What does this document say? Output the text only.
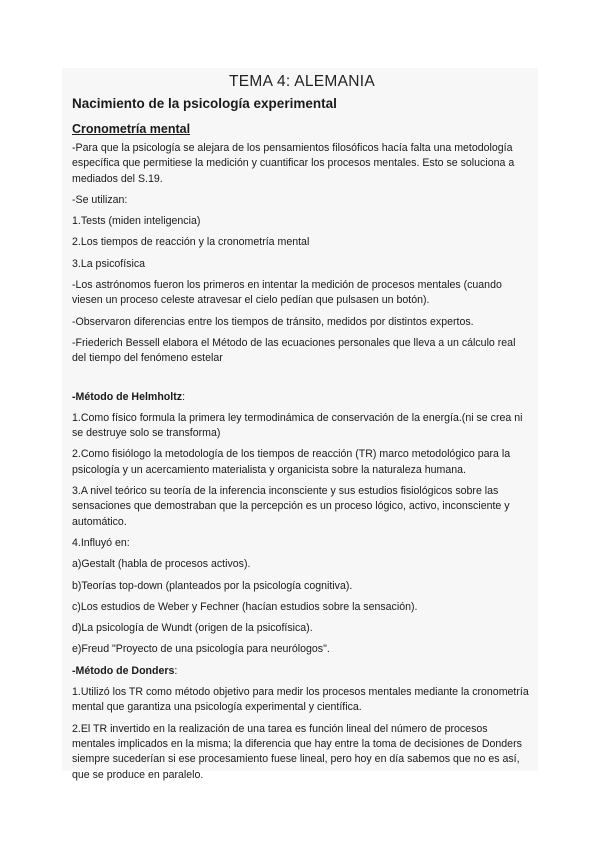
TEMA 4: ALEMANIA
Nacimiento de la psicología experimental
Cronometría mental

-Para que la psicología se alejara de los pensamientos filosóficos hacía falta una metodología específica que permitiese la medición y cuantificar los procesos mentales. Esto se soluciona a mediados del S.19.

-Se utilizan:

1.Tests (miden inteligencia)

2.Los tiempos de reacción y la cronometría mental

3.La psicofísica

-Los astrónomos fueron los primeros en intentar la medición de procesos mentales (cuando viesen un proceso celeste atravesar el cielo pedían que pulsasen un botón).

-Observaron diferencias entre los tiempos de tránsito, medidos por distintos expertos.

-Friederich Bessell elabora el Método de las ecuaciones personales que lleva a un cálculo real del tiempo del fenómeno estelar

-Método de Helmholtz:

1.Como físico formula la primera ley termodinámica de conservación de la energía.(ni se crea ni se destruye solo se transforma)

2.Como fisiólogo la metodología de los tiempos de reacción (TR) marco metodológico para la psicología y un acercamiento materialista y organicista sobre la naturaleza humana.

3.A nivel teórico su teoría de la inferencia inconsciente y sus estudios fisiológicos sobre las sensaciones que demostraban que la percepción es un proceso lógico, activo, inconsciente y automático.

4.Influyó en:

a)Gestalt (habla de procesos activos).

b)Teorías top-down (planteados por la psicología cognitiva).

c)Los estudios de Weber y Fechner (hacían estudios sobre la sensación).

d)La psicología de Wundt (origen de la psicofísica).

e)Freud "Proyecto de una psicología para neurólogos".

-Método de Donders:

1.Utilizó los TR como método objetivo para medir los procesos mentales mediante la cronometría mental que garantiza una psicología experimental y científica.

2.El TR invertido en la realización de una tarea es función lineal del número de procesos mentales implicados en la misma; la diferencia que hay entre la toma de decisiones de Donders siempre sucederían si ese procesamiento fuese lineal, pero hoy en día sabemos que no es así, que se produce en paralelo.
